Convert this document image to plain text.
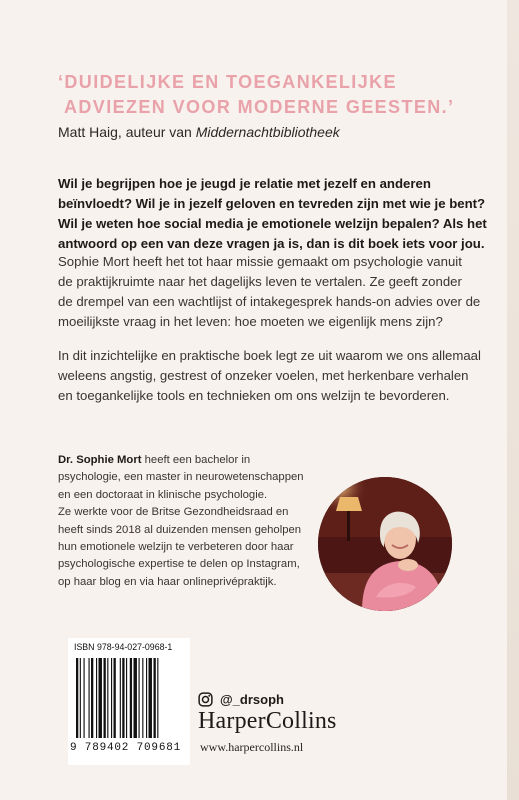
‘DUIDELIJKE EN TOEGANKELIJKE
ADVIEZEN VOOR MODERNE GEESTEN.’
Matt Haig, auteur van Middernachtbibliotheek
Wil je begrijpen hoe je jeugd je relatie met jezelf en anderen
beïnvloedt? Wil je in jezelf geloven en tevreden zijn met wie je bent?
Wil je weten hoe social media je emotionele welzijn bepalen? Als het
antwoord op een van deze vragen ja is, dan is dit boek iets voor jou.
Sophie Mort heeft het tot haar missie gemaakt om psychologie vanuit
de praktijkruimte naar het dagelijks leven te vertalen. Ze geeft zonder
de drempel van een wachtlijst of intakegesprek hands-on advies over de
moeilijkste vraag in het leven: hoe moeten we eigenlijk mens zijn?
In dit inzichtelijke en praktische boek legt ze uit waarom we ons allemaal
weleens angstig, gestrest of onzeker voelen, met herkenbare verhalen
en toegankelijke tools en technieken om ons welzijn te bevorderen.
Dr. Sophie Mort heeft een bachelor in
psychologie, een master in neurowetenschappen
en een doctoraat in klinische psychologie.
Ze werkte voor de Britse Gezondheidsraad en
heeft sinds 2018 al duizenden mensen geholpen
hun emotionele welzijn te verbeteren door haar
psychologische expertise te delen op Instagram,
op haar blog en via haar onlineprivépraktijk.
ISBN 978-94-027-0968-1
9 789402 709681
@_drsoph
HarperCollins
www.harpercollins.nl
